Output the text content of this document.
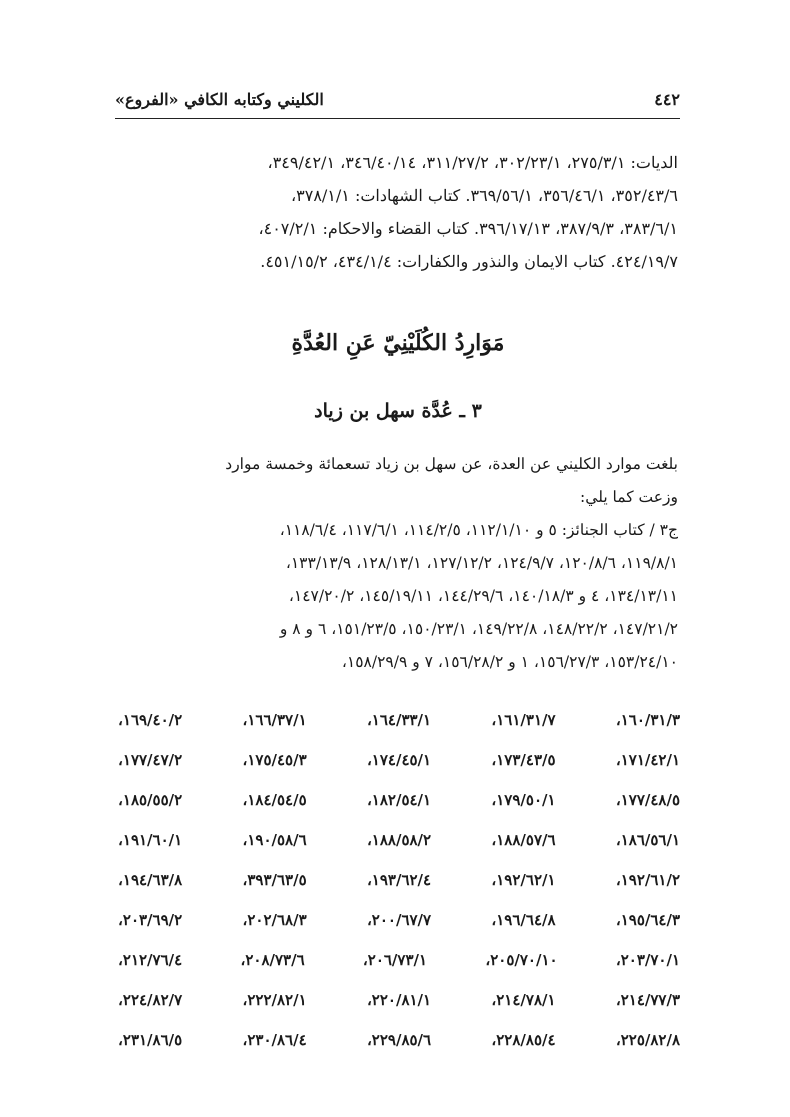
٤٤٢
الكليني وكتابه الكافي «الفروع»
الديات: ٢٧٥/٣/١، ٣٠٢/٢٣/١، ٣١١/٢٧/٢، ٣٤٦/٤٠/١٤، ٣٤٩/٤٢/١،
٣٥٢/٤٣/٦، ٣٥٦/٤٦/١، ٣٦٩/٥٦/١. كتاب الشهادات: ٣٧٨/١/١،
٣٨٣/٦/١، ٣٨٧/٩/٣، ٣٩٦/١٧/١٣. كتاب القضاء والاحكام: ٤٠٧/٢/١،
٤٢٤/١٩/٧. كتاب الايمان والنذور والكفارات: ٤٣٤/١/٤، ٤٥١/١٥/٢.
مَوَارِدُ الكُلَيْنِيّ عَنِ العُدَّةِ
٣ ـ عُدَّة سهل بن زياد
بلغت موارد الكليني عن العدة، عن سهل بن زياد تسعمائة وخمسة موارد
وزعت كما يلي:
ج٣ / كتاب الجنائز: ٥ و ١١٢/١/١٠، ١١٤/٢/٥، ١١٧/٦/١، ١١٨/٦/٤،
١١٩/٨/١، ١٢٠/٨/٦، ١٢٤/٩/٧، ١٢٧/١٢/٢، ١٢٨/١٣/١، ١٣٣/١٣/٩،
١٣٤/١٣/١١، ٤ و ١٤٠/١٨/٣، ١٤٤/٢٩/٦، ١٤٥/١٩/١١، ١٤٧/٢٠/٢،
١٤٧/٢١/٢، ١٤٨/٢٢/٢، ١٤٩/٢٢/٨، ١٥٠/٢٣/١، ١٥١/٢٣/٥، ٦ و ٨ و
١٥٣/٢٤/١٠، ١٥٦/٢٧/٣، ١ و ١٥٦/٢٨/٢، ٧ و ١٥٨/٢٩/٩،
١٦٠/٣١/٣،
١٦١/٣١/٧،
١٦٤/٣٣/١،
١٦٦/٣٧/١،
١٦٩/٤٠/٢،
١٧١/٤٢/١،
١٧٣/٤٣/٥،
١٧٤/٤٥/١،
١٧٥/٤٥/٣،
١٧٧/٤٧/٢،
١٧٧/٤٨/٥،
١٧٩/٥٠/١،
١٨٢/٥٤/١،
١٨٤/٥٤/٥،
١٨٥/٥٥/٢،
١٨٦/٥٦/١،
١٨٨/٥٧/٦،
١٨٨/٥٨/٢،
١٩٠/٥٨/٦،
١٩١/٦٠/١،
١٩٢/٦١/٢،
١٩٢/٦٢/١،
١٩٣/٦٢/٤،
٣٩٣/٦٣/٥،
١٩٤/٦٣/٨،
١٩٥/٦٤/٣،
١٩٦/٦٤/٨،
٢٠٠/٦٧/٧،
٢٠٢/٦٨/٣،
٢٠٣/٦٩/٢،
٢٠٣/٧٠/١،
٢٠٥/٧٠/١٠،
٢٠٦/٧٣/١،
٢٠٨/٧٣/٦،
٢١٢/٧٦/٤،
٢١٤/٧٧/٣،
٢١٤/٧٨/١،
٢٢٠/٨١/١،
٢٢٢/٨٢/١،
٢٢٤/٨٢/٧،
٢٢٥/٨٢/٨،
٢٢٨/٨٥/٤،
٢٢٩/٨٥/٦،
٢٣٠/٨٦/٤،
٢٣١/٨٦/٥،
